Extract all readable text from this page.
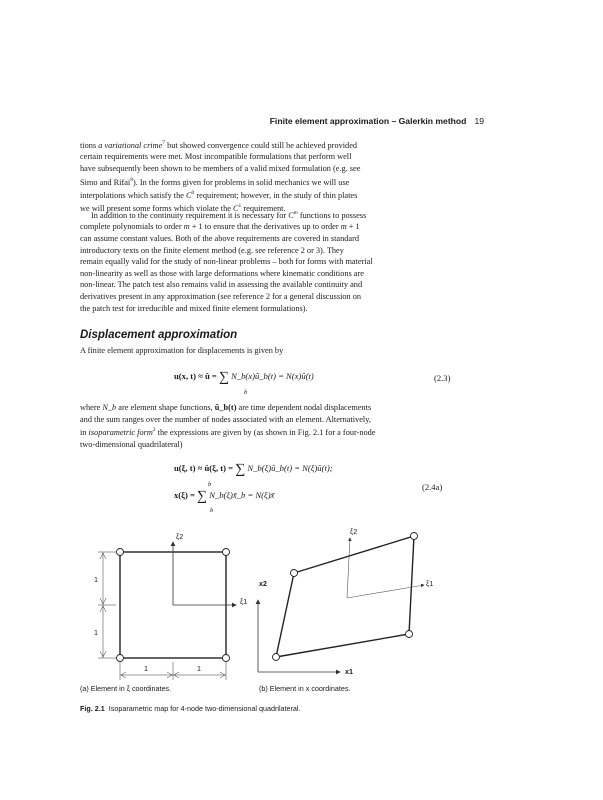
Finite element approximation – Galerkin method 19
tions a variational crime$^7$ but showed convergence could still be achieved provided
certain requirements were met. Most incompatible formulations that perform well
have subsequently been shown to be members of a valid mixed formulation (e.g. see
Simo and Rifai$^8$). In the forms given for problems in solid mechanics we will use
interpolations which satisfy the $C^0$ requirement; however, in the study of thin plates
we will present some forms which violate the $C^1$ requirement.
In addition to the continuity requirement it is necessary for $C^m$ functions to possess
complete polynomials to order m + 1 to ensure that the derivatives up to order m + 1
can assume constant values. Both of the above requirements are covered in standard
introductory texts on the finite element method (e.g. see reference 2 or 3). They
remain equally valid for the study of non-linear problems – both for forms with material
non-linearity as well as those with large deformations where kinematic conditions are
non-linear. The patch test also remains valid in assessing the available continuity and
derivatives present in any approximation (see reference 2 for a general discussion on
the patch test for irreducible and mixed finite element formulations).
Displacement approximation
A finite element approximation for displacements is given by
u(x, t) ≈ û = ∑ N_b(x)ũ_b(t) = N(x)ũ(t)
b
(2.3)
where N_b are element shape functions, ũ_b(t) are time dependent nodal displacements
and the sum ranges over the number of nodes associated with an element. Alternatively,
in isoparametric form$^2$ the expressions are given by (as shown in Fig. 2.1 for a four-node
two-dimensional quadrilateral)
u(ξ, t) ≈ û(ξ, t) = ∑ N_b(ξ)ũ_b(t) = N(ξ)ũ(t);
b
x(ξ) = ∑ N_b(ξ)x̃_b = N(ξ)x̃
b
(2.4a)
ξ2
ξ1
1
1
1	1
(a) Element in ξ coordinates.
x2
x1
ξ2
ξ1
(b) Element in x coordinates.
Fig. 2.1 Isoparametric map for 4-node two-dimensional quadrilateral.
